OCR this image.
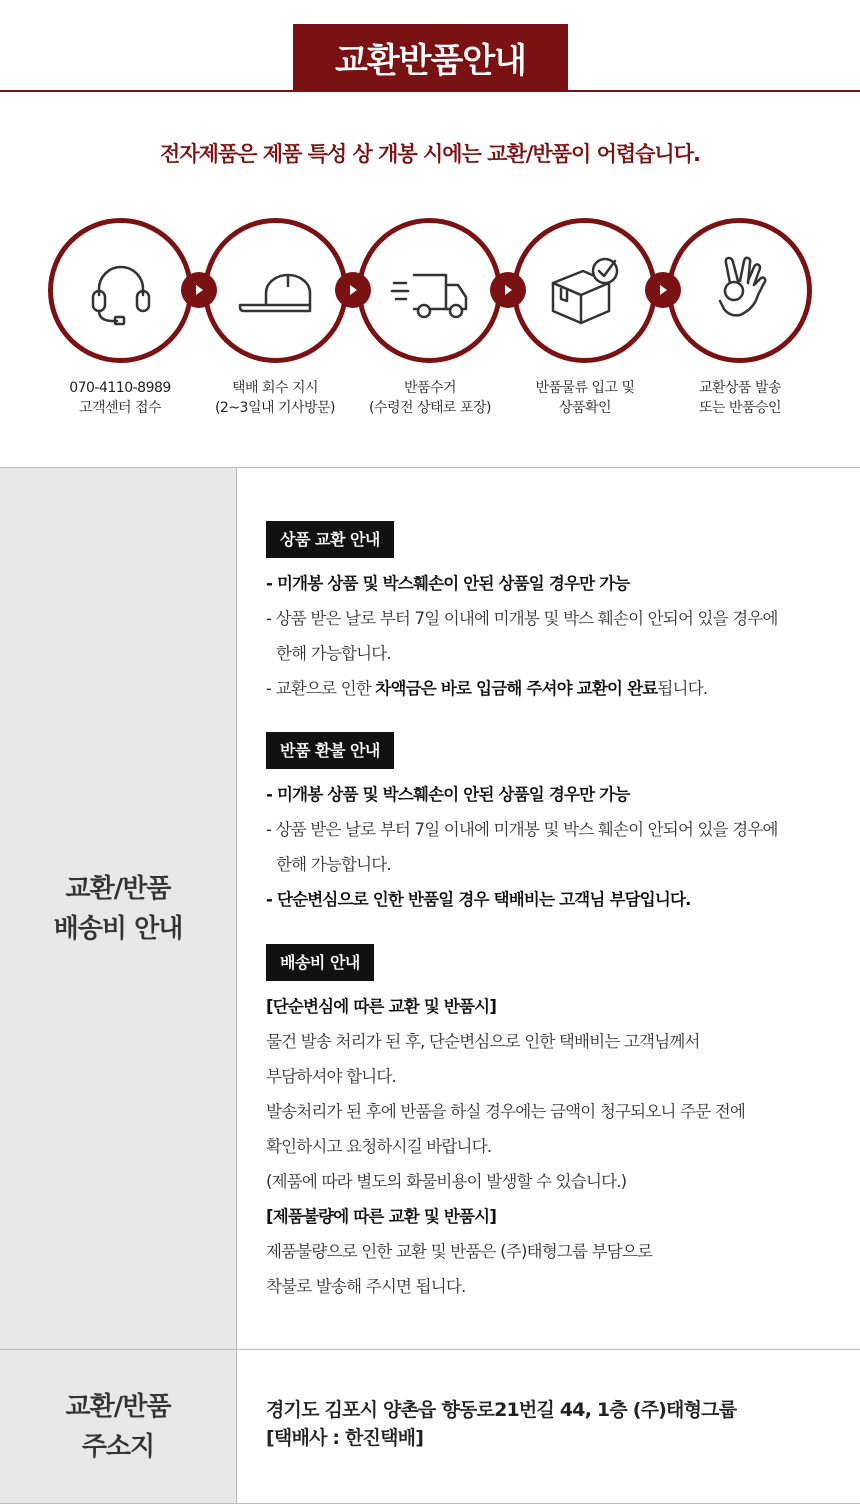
교환반품안내
전자제품은 제품 특성 상 개봉 시에는 교환/반품이 어렵습니다.
070-4110-8989
고객센터 접수
택배 회수 지시
(2~3일내 기사방문)
반품수거
(수령전 상태로 포장)
반품물류 입고 및
상품확인
교환상품 발송
또는 반품승인
교환/반품
배송비 안내
상품 교환 안내
- 미개봉 상품 및 박스훼손이 안된 상품일 경우만 가능
- 상품 받은 날로 부터 7일 이내에 미개봉 및 박스 훼손이 안되어 있을 경우에
한해 가능합니다.
- 교환으로 인한 차액금은 바로 입금해 주셔야 교환이 완료됩니다.
반품 환불 안내
- 미개봉 상품 및 박스훼손이 안된 상품일 경우만 가능
- 상품 받은 날로 부터 7일 이내에 미개봉 및 박스 훼손이 안되어 있을 경우에
한해 가능합니다.
- 단순변심으로 인한 반품일 경우 택배비는 고객님 부담입니다.
배송비 안내
[단순변심에 따른 교환 및 반품시]
물건 발송 처리가 된 후, 단순변심으로 인한 택배비는 고객님께서
부담하셔야 합니다.
발송처리가 된 후에 반품을 하실 경우에는 금액이 청구되오니 주문 전에
확인하시고 요청하시길 바랍니다.
(제품에 따라 별도의 화물비용이 발생할 수 있습니다.)
[제품불량에 따른 교환 및 반품시]
제품불량으로 인한 교환 및 반품은 (주)태형그룹 부담으로
착불로 발송해 주시면 됩니다.
교환/반품
주소지
경기도 김포시 양촌읍 향동로21번길 44, 1층 (주)태형그룹
[택배사 : 한진택배]
